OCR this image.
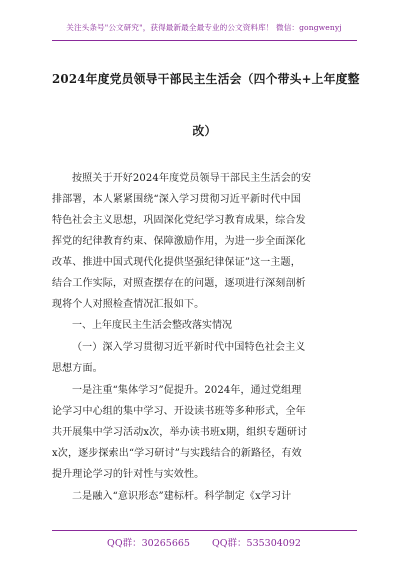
关注头条号"公文研究"，获得最新最全最专业的公文资料库！ 微信：gongwenyj
2024年度党员领导干部民主生活会（四个带头+上年度整
改）
按照关于开好2024年度党员领导干部民主生活会的安
排部署，本人紧紧围绕“深入学习贯彻习近平新时代中国
特色社会主义思想，巩固深化党纪学习教育成果，综合发
挥党的纪律教育约束、保障激励作用，为进一步全面深化
改革、推进中国式现代化提供坚强纪律保证”这一主题，
结合工作实际，对照查摆存在的问题，逐项进行深刻剖析
现将个人对照检查情况汇报如下。
一、上年度民主生活会整改落实情况
（一）深入学习贯彻习近平新时代中国特色社会主义
思想方面。
一是注重“集体学习”促提升。2024年，通过党组理
论学习中心组的集中学习、开设读书班等多种形式，全年
共开展集中学习活动x次，举办读书班x期，组织专题研讨
x次，逐步探索出“学习研讨”与实践结合的新路径，有效
提升理论学习的针对性与实效性。
二是融入“意识形态”建标杆。科学制定《x学习计
QQ群：30265665 QQ群：535304092
